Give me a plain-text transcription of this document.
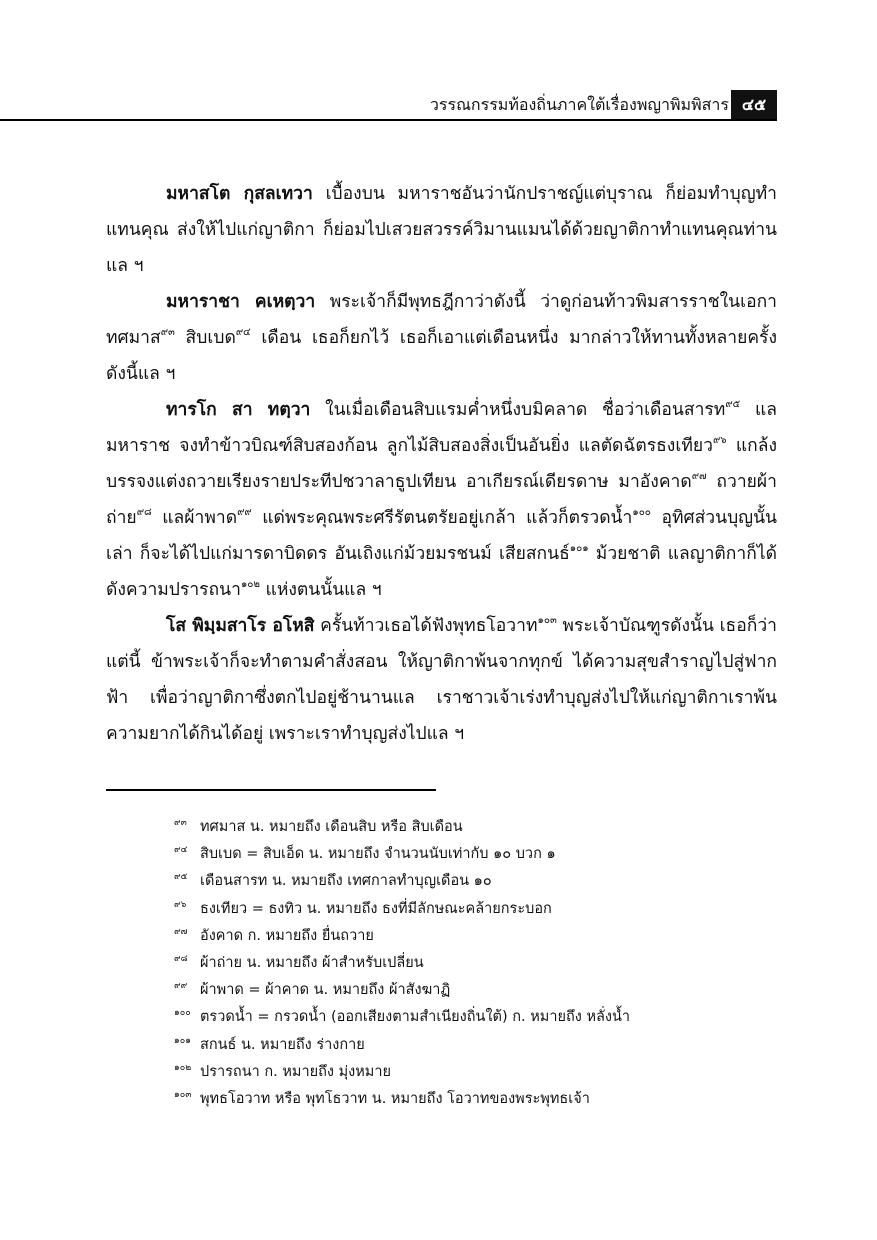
วรรณกรรมท้องถิ่นภาคใต้เรื่องพญาพิมพิสาร ๔๕

มหาสโต กุสลเทวา เบื้องบน มหาราชอันว่านักปราชญ์แต่บุราณ ก็ย่อมทำบุญทำแทนคุณ ส่งให้ไปแก่ญาติกา ก็ย่อมไปเสวยสวรรค์วิมานแมนได้ด้วยญาติกาทำแทนคุณท่านแล ฯ

มหาราชา คเหตฺวา พระเจ้าก็มีพุทธฎีกาว่าดังนี้ ว่าดูก่อนท้าวพิมสารราชในเอกาทศมาส$^{๙๓}$ สิบเบด$^{๙๔}$ เดือน เธอก็ยกไว้ เธอก็เอาแต่เดือนหนึ่ง มากล่าวให้ทานทั้งหลายครั้งดังนี้แล ฯ

ทารโก สา ทตฺวา ในเมื่อเดือนสิบแรมค่ำหนึ่งบมิคลาด ชื่อว่าเดือนสารท$^{๙๕}$ แลมหาราช จงทำข้าวบิณฑ์สิบสองก้อน ลูกไม้สิบสองสิ่งเป็นอันยิ่ง แลตัดฉัตรธงเทียว$^{๙๖}$ แกล้งบรรจงแต่งถวายเรียงรายประทีปชวาลาธูปเทียน อาเกียรณ์เดียรดาษ มาอังคาด$^{๙๗}$ ถวายผ้าถ่าย$^{๙๘}$ แลผ้าพาด$^{๙๙}$ แด่พระคุณพระศรีรัตนตรัยอยู่เกล้า แล้วก็ตรวดน้ำ$^{๑๐๐}$ อุทิศส่วนบุญนั้นเล่า ก็จะได้ไปแก่มารดาบิดดร อันเถิงแก่ม้วยมรชนม์ เสียสกนธ์$^{๑๐๑}$ ม้วยชาติ แลญาติกาก็ได้ดังความปรารถนา$^{๑๐๒}$ แห่งตนนั้นแล ฯ

โส พิมฺมสาโร อโหสิ ครั้นท้าวเธอได้ฟังพุทธโอวาท$^{๑๐๓}$ พระเจ้าบัณฑูรดังนั้น เธอก็ว่าแต่นี้ ข้าพระเจ้าก็จะทำตามคำสั่งสอน ให้ญาติกาพ้นจากทุกข์ ได้ความสุขสำราญไปสู่ฟากฟ้า เพื่อว่าญาติกาซึ่งตกไปอยู่ช้านานแล เราชาวเจ้าเร่งทำบุญส่งไปให้แก่ญาติกาเราพ้นความยากได้กินได้อยู่ เพราะเราทำบุญส่งไปแล ฯ

๙๓ ทศมาส น. หมายถึง เดือนสิบ หรือ สิบเดือน
๙๔ สิบเบด = สิบเอ็ด น. หมายถึง จำนวนนับเท่ากับ ๑๐ บวก ๑
๙๕ เดือนสารท น. หมายถึง เทศกาลทำบุญเดือน ๑๐
๙๖ ธงเทียว = ธงทิว น. หมายถึง ธงที่มีลักษณะคล้ายกระบอก
๙๗ อังคาด ก. หมายถึง ยื่นถวาย
๙๘ ผ้าถ่าย น. หมายถึง ผ้าสำหรับเปลี่ยน
๙๙ ผ้าพาด = ผ้าคาด น. หมายถึง ผ้าสังฆาฏิ
๑๐๐ ตรวดน้ำ = กรวดน้ำ (ออกเสียงตามสำเนียงถิ่นใต้) ก. หมายถึง หลั่งน้ำ
๑๐๑ สกนธ์ น. หมายถึง ร่างกาย
๑๐๒ ปรารถนา ก. หมายถึง มุ่งหมาย
๑๐๓ พุทธโอวาท หรือ พุทโธวาท น. หมายถึง โอวาทของพระพุทธเจ้า
